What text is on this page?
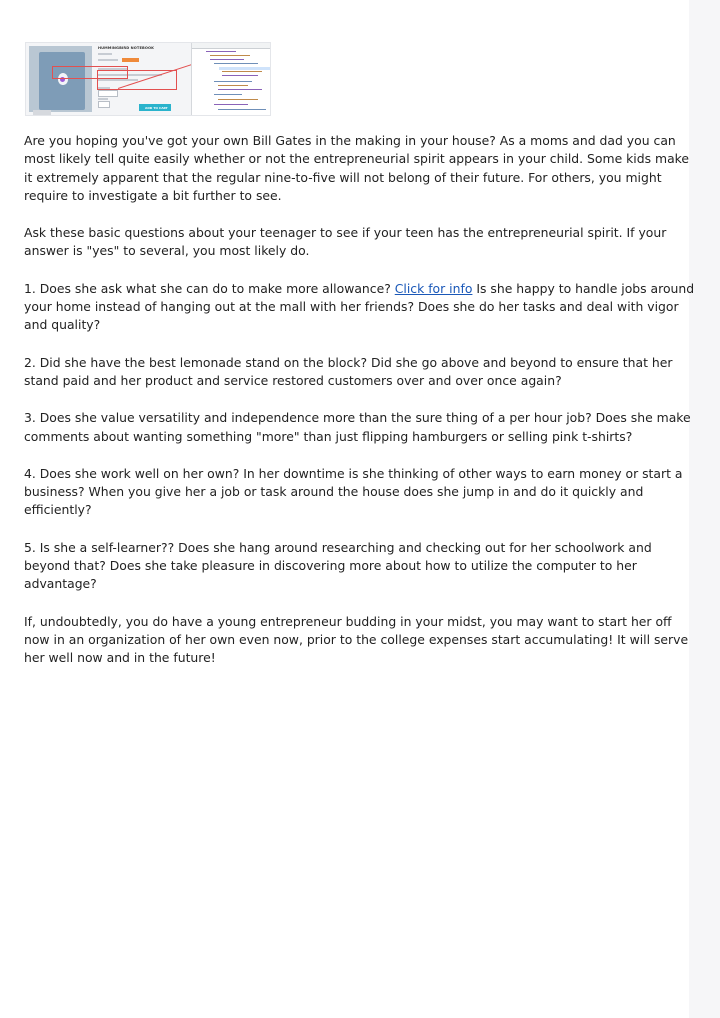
HUMMINGBIRD NOTEBOOK
ADD TO CART

Are you hoping you've got your own Bill Gates in the making in your house? As a moms and dad you can most likely tell quite easily whether or not the entrepreneurial spirit appears in your child. Some kids make it extremely apparent that the regular nine-to-five will not belong of their future. For others, you might require to investigate a bit further to see.

Ask these basic questions about your teenager to see if your teen has the entrepreneurial spirit. If your answer is "yes" to several, you most likely do.

1. Does she ask what she can do to make more allowance? Click for info Is she happy to handle jobs around your home instead of hanging out at the mall with her friends? Does she do her tasks and deal with vigor and quality?

2. Did she have the best lemonade stand on the block? Did she go above and beyond to ensure that her stand paid and her product and service restored customers over and over once again?

3. Does she value versatility and independence more than the sure thing of a per hour job? Does she make comments about wanting something "more" than just flipping hamburgers or selling pink t-shirts?

4. Does she work well on her own? In her downtime is she thinking of other ways to earn money or start a business? When you give her a job or task around the house does she jump in and do it quickly and efficiently?

5. Is she a self-learner?? Does she hang around researching and checking out for her schoolwork and beyond that? Does she take pleasure in discovering more about how to utilize the computer to her advantage?

If, undoubtedly, you do have a young entrepreneur budding in your midst, you may want to start her off now in an organization of her own even now, prior to the college expenses start accumulating! It will serve her well now and in the future!
